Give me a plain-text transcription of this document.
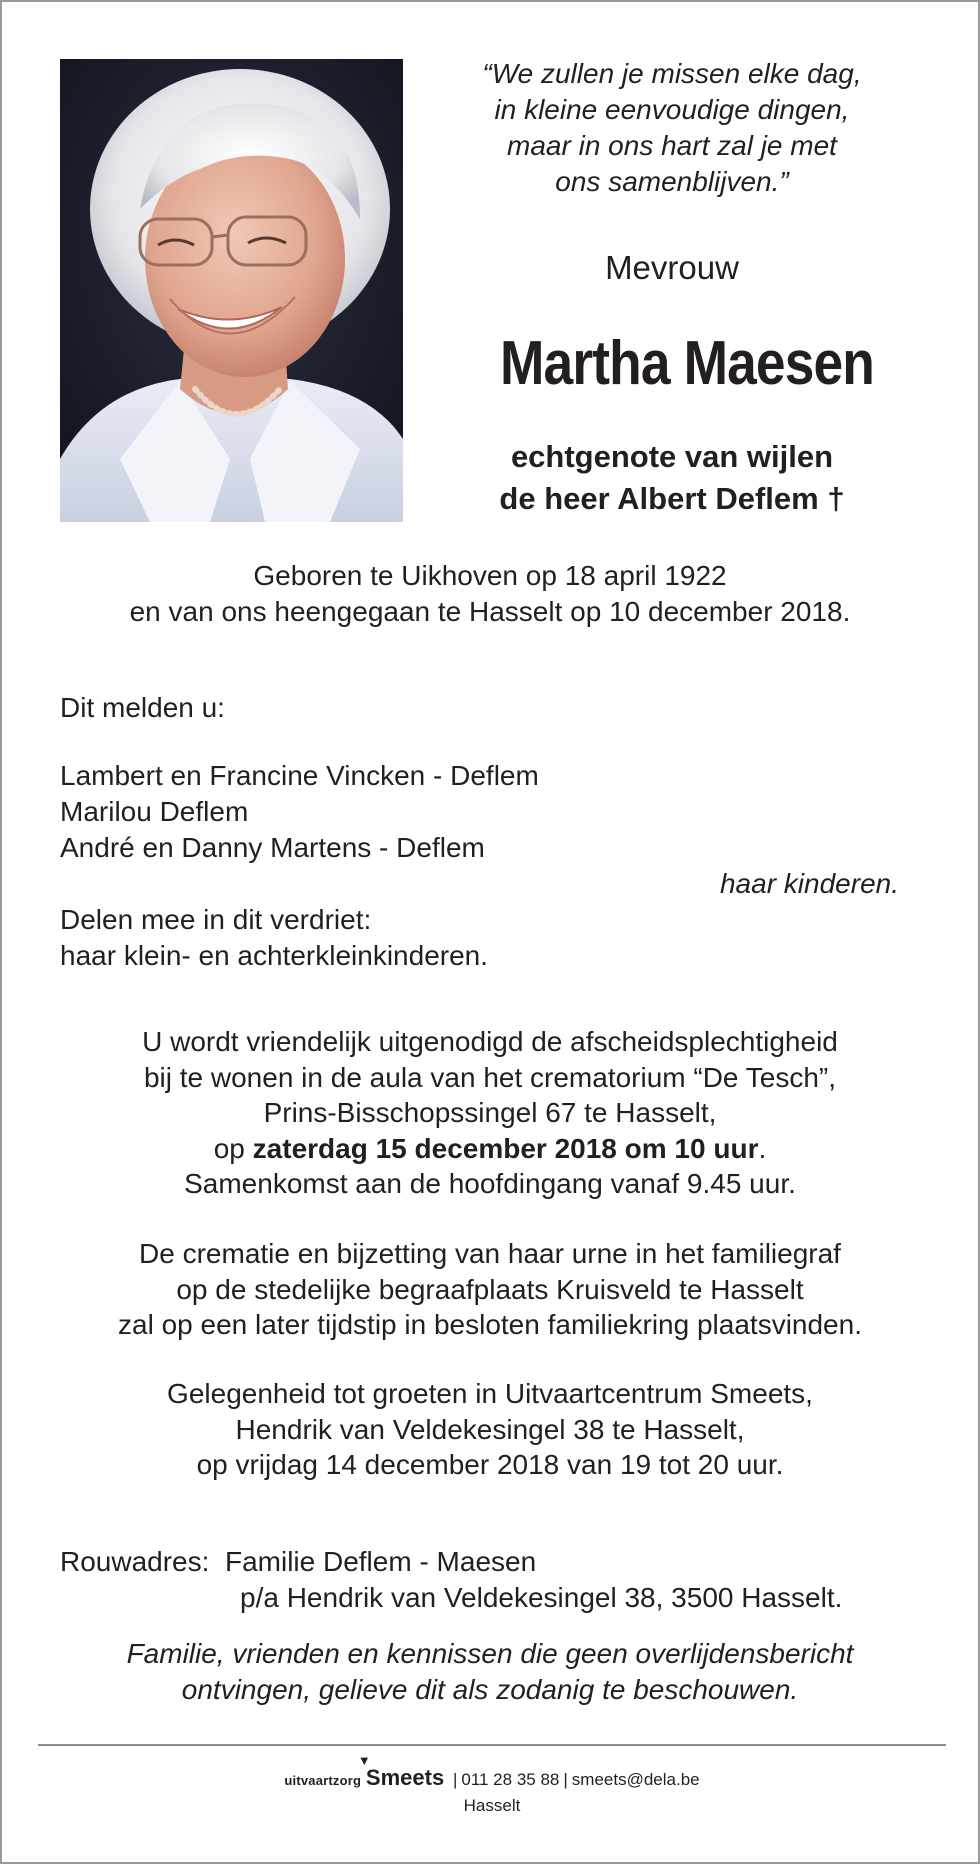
“We zullen je missen elke dag,
in kleine eenvoudige dingen,
maar in ons hart zal je met
ons samenblijven.”
Mevrouw
Martha Maesen
echtgenote van wijlen
de heer Albert Deflem †
Geboren te Uikhoven op 18 april 1922
en van ons heengegaan te Hasselt op 10 december 2018.
Dit melden u:
Lambert en Francine Vincken - Deflem
Marilou Deflem
André en Danny Martens - Deflem
haar kinderen.
Delen mee in dit verdriet:
haar klein- en achterkleinkinderen.
U wordt vriendelijk uitgenodigd de afscheidsplechtigheid
bij te wonen in de aula van het crematorium “De Tesch”,
Prins-Bisschopssingel 67 te Hasselt,
op zaterdag 15 december 2018 om 10 uur.
Samenkomst aan de hoofdingang vanaf 9.45 uur.
De crematie en bijzetting van haar urne in het familiegraf
op de stedelijke begraafplaats Kruisveld te Hasselt
zal op een later tijdstip in besloten familiekring plaatsvinden.
Gelegenheid tot groeten in Uitvaartcentrum Smeets,
Hendrik van Veldekesingel 38 te Hasselt,
op vrijdag 14 december 2018 van 19 tot 20 uur.
Rouwadres: Familie Deflem - Maesen
p/a Hendrik van Veldekesingel 38, 3500 Hasselt.
Familie, vrienden en kennissen die geen overlijdensbericht
ontvingen, gelieve dit als zodanig te beschouwen.
uitvaartzorg
▼
Smeets | 011 28 35 88 | smeets@dela.be
Hasselt
